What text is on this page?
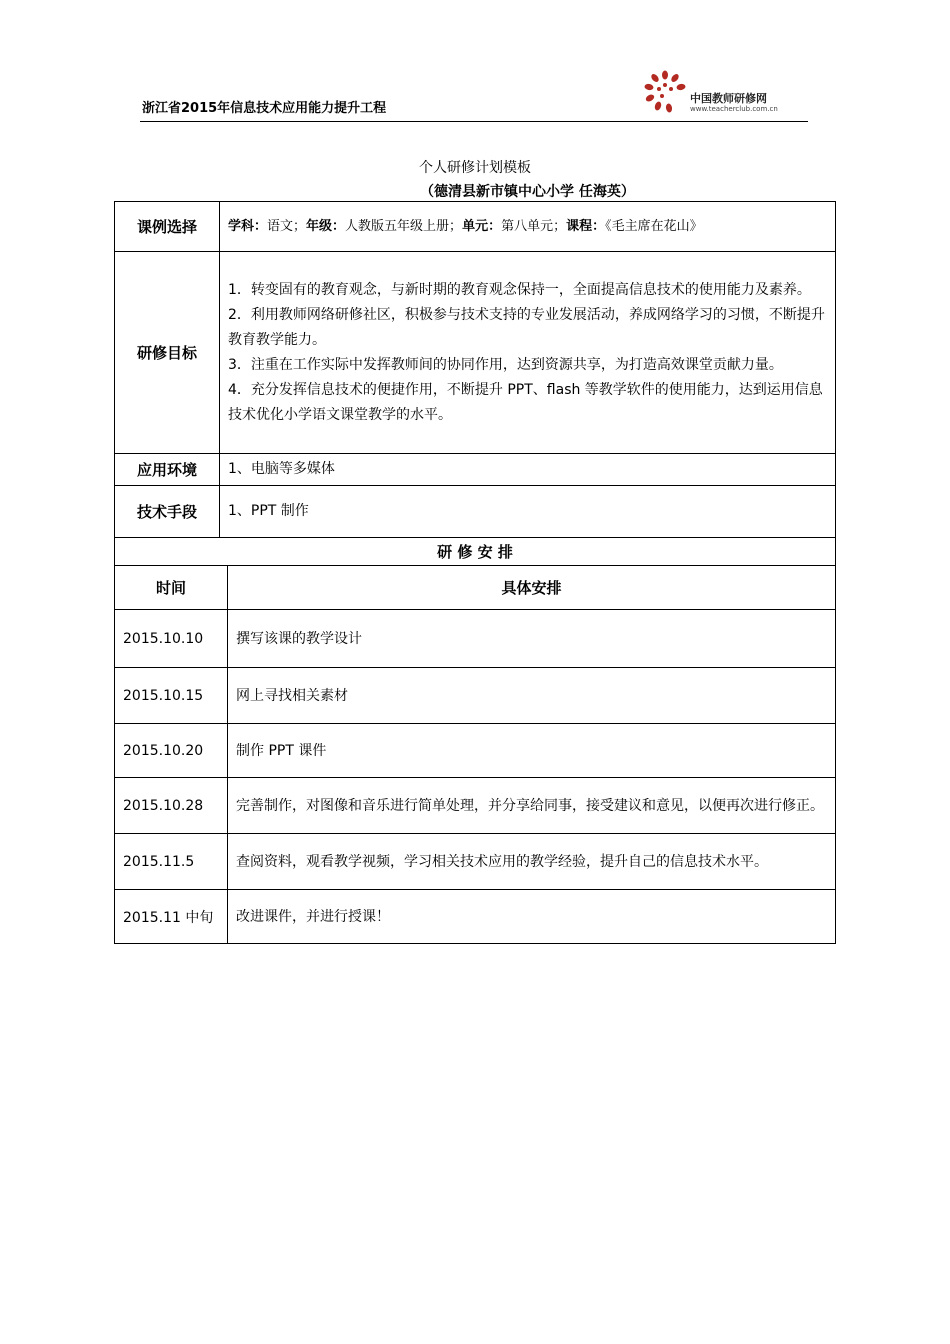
浙江省2015年信息技术应用能力提升工程
中国教师研修网
www.teacherclub.com.cn
个人研修计划模板
（德清县新市镇中心小学 任海英）
课例选择	学科：语文；年级：人教版五年级上册；单元：第八单元；课程：《毛主席在花山》
研修目标	1．转变固有的教育观念，与新时期的教育观念保持一，全面提高信息技术的使用能力及素养。
2．利用教师网络研修社区，积极参与技术支持的专业发展活动，养成网络学习的习惯，不断提升教育教学能力。
3．注重在工作实际中发挥教师间的协同作用，达到资源共享，为打造高效课堂贡献力量。
4．充分发挥信息技术的便捷作用，不断提升 PPT、flash 等教学软件的使用能力，达到运用信息技术优化小学语文课堂教学的水平。

应用环境	1、电脑等多媒体
技术手段	1、PPT 制作
研 修 安 排	
时间	具体安排
2015.10.10	撰写该课的教学设计
2015.10.15	网上寻找相关素材
2015.10.20	制作 PPT 课件
2015.10.28	完善制作，对图像和音乐进行简单处理，并分享给同事，接受建议和意见，以便再次进行修正。
2015.11.5	查阅资料，观看教学视频，学习相关技术应用的教学经验，提升自己的信息技术水平。
2015.11 中旬	改进课件，并进行授课！
